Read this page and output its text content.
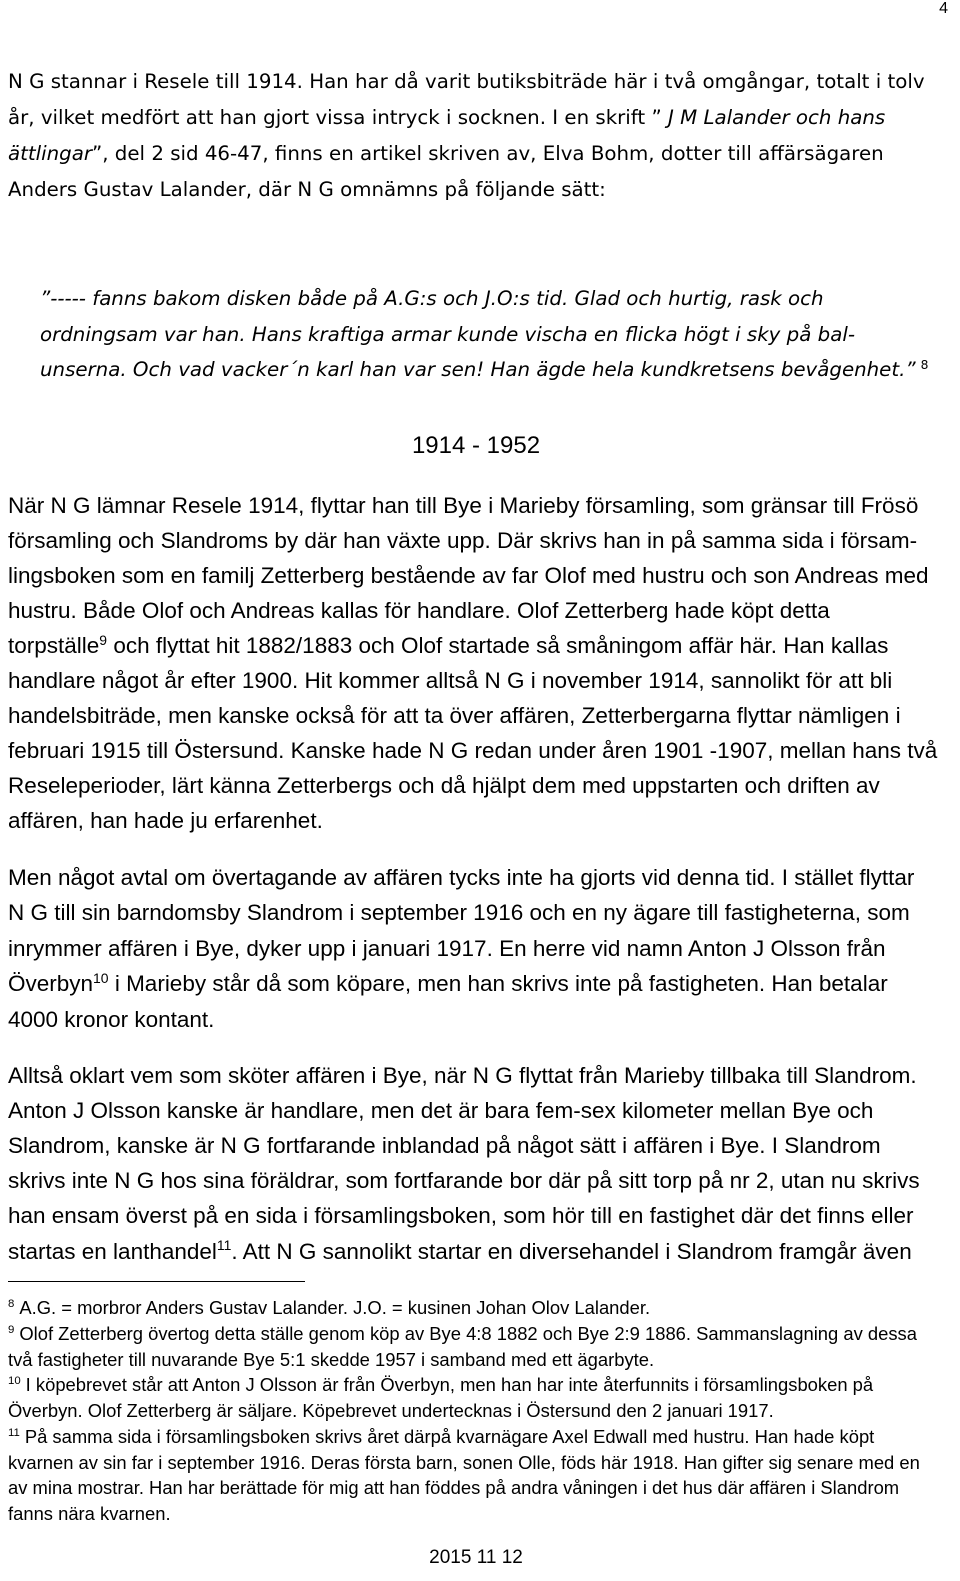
4
N G stannar i Resele till 1914. Han har då varit butiksbiträde här i två omgångar, totalt i tolv
år, vilket medfört att han gjort vissa intryck i socknen. I en skrift ” J M Lalander och hans
ättlingar”, del 2 sid 46-47, finns en artikel skriven av, Elva Bohm, dotter till affärsägaren
Anders Gustav Lalander, där N G omnämns på följande sätt:
”----- fanns bakom disken både på A.G:s och J.O:s tid. Glad och hurtig, rask och
ordningsam var han. Hans kraftiga armar kunde vischa en flicka högt i sky på bal-
unserna. Och vad vacker´n karl han var sen! Han ägde hela kundkretsens bevågenhet.” $^8$
1914 - 1952
När N G lämnar Resele 1914, flyttar han till Bye i Marieby församling, som gränsar till Frösö
församling och Slandroms by där han växte upp. Där skrivs han in på samma sida i försam-
lingsboken som en familj Zetterberg bestående av far Olof med hustru och son Andreas med
hustru. Både Olof och Andreas kallas för handlare. Olof Zetterberg hade köpt detta
torpställe$^9$ och flyttat hit 1882/1883 och Olof startade så småningom affär här. Han kallas
handlare något år efter 1900. Hit kommer alltså N G i november 1914, sannolikt för att bli
handelsbiträde, men kanske också för att ta över affären, Zetterbergarna flyttar nämligen i
februari 1915 till Östersund. Kanske hade N G redan under åren 1901 -1907, mellan hans två
Reseleperioder, lärt känna Zetterbergs och då hjälpt dem med uppstarten och driften av
affären, han hade ju erfarenhet.
Men något avtal om övertagande av affären tycks inte ha gjorts vid denna tid. I stället flyttar
N G till sin barndomsby Slandrom i september 1916 och en ny ägare till fastigheterna, som
inrymmer affären i Bye, dyker upp i januari 1917. En herre vid namn Anton J Olsson från
Överbyn$^{10}$ i Marieby står då som köpare, men han skrivs inte på fastigheten. Han betalar
4000 kronor kontant.
Alltså oklart vem som sköter affären i Bye, när N G flyttat från Marieby tillbaka till Slandrom.
Anton J Olsson kanske är handlare, men det är bara fem-sex kilometer mellan Bye och
Slandrom, kanske är N G fortfarande inblandad på något sätt i affären i Bye. I Slandrom
skrivs inte N G hos sina föräldrar, som fortfarande bor där på sitt torp på nr 2, utan nu skrivs
han ensam överst på en sida i församlingsboken, som hör till en fastighet där det finns eller
startas en lanthandel$^{11}$. Att N G sannolikt startar en diversehandel i Slandrom framgår även
$^8$ A.G. = morbror Anders Gustav Lalander. J.O. = kusinen Johan Olov Lalander.
$^9$ Olof Zetterberg övertog detta ställe genom köp av Bye 4:8 1882 och Bye 2:9 1886. Sammanslagning av dessa
två fastigheter till nuvarande Bye 5:1 skedde 1957 i samband med ett ägarbyte.
$^{10}$ I köpebrevet står att Anton J Olsson är från Överbyn, men han har inte återfunnits i församlingsboken på
Överbyn. Olof Zetterberg är säljare. Köpebrevet undertecknas i Östersund den 2 januari 1917.
$^{11}$ På samma sida i församlingsboken skrivs året därpå kvarnägare Axel Edwall med hustru. Han hade köpt
kvarnen av sin far i september 1916. Deras första barn, sonen Olle, föds här 1918. Han gifter sig senare med en
av mina mostrar. Han har berättade för mig att han föddes på andra våningen i det hus där affären i Slandrom
fanns nära kvarnen.
2015 11 12
